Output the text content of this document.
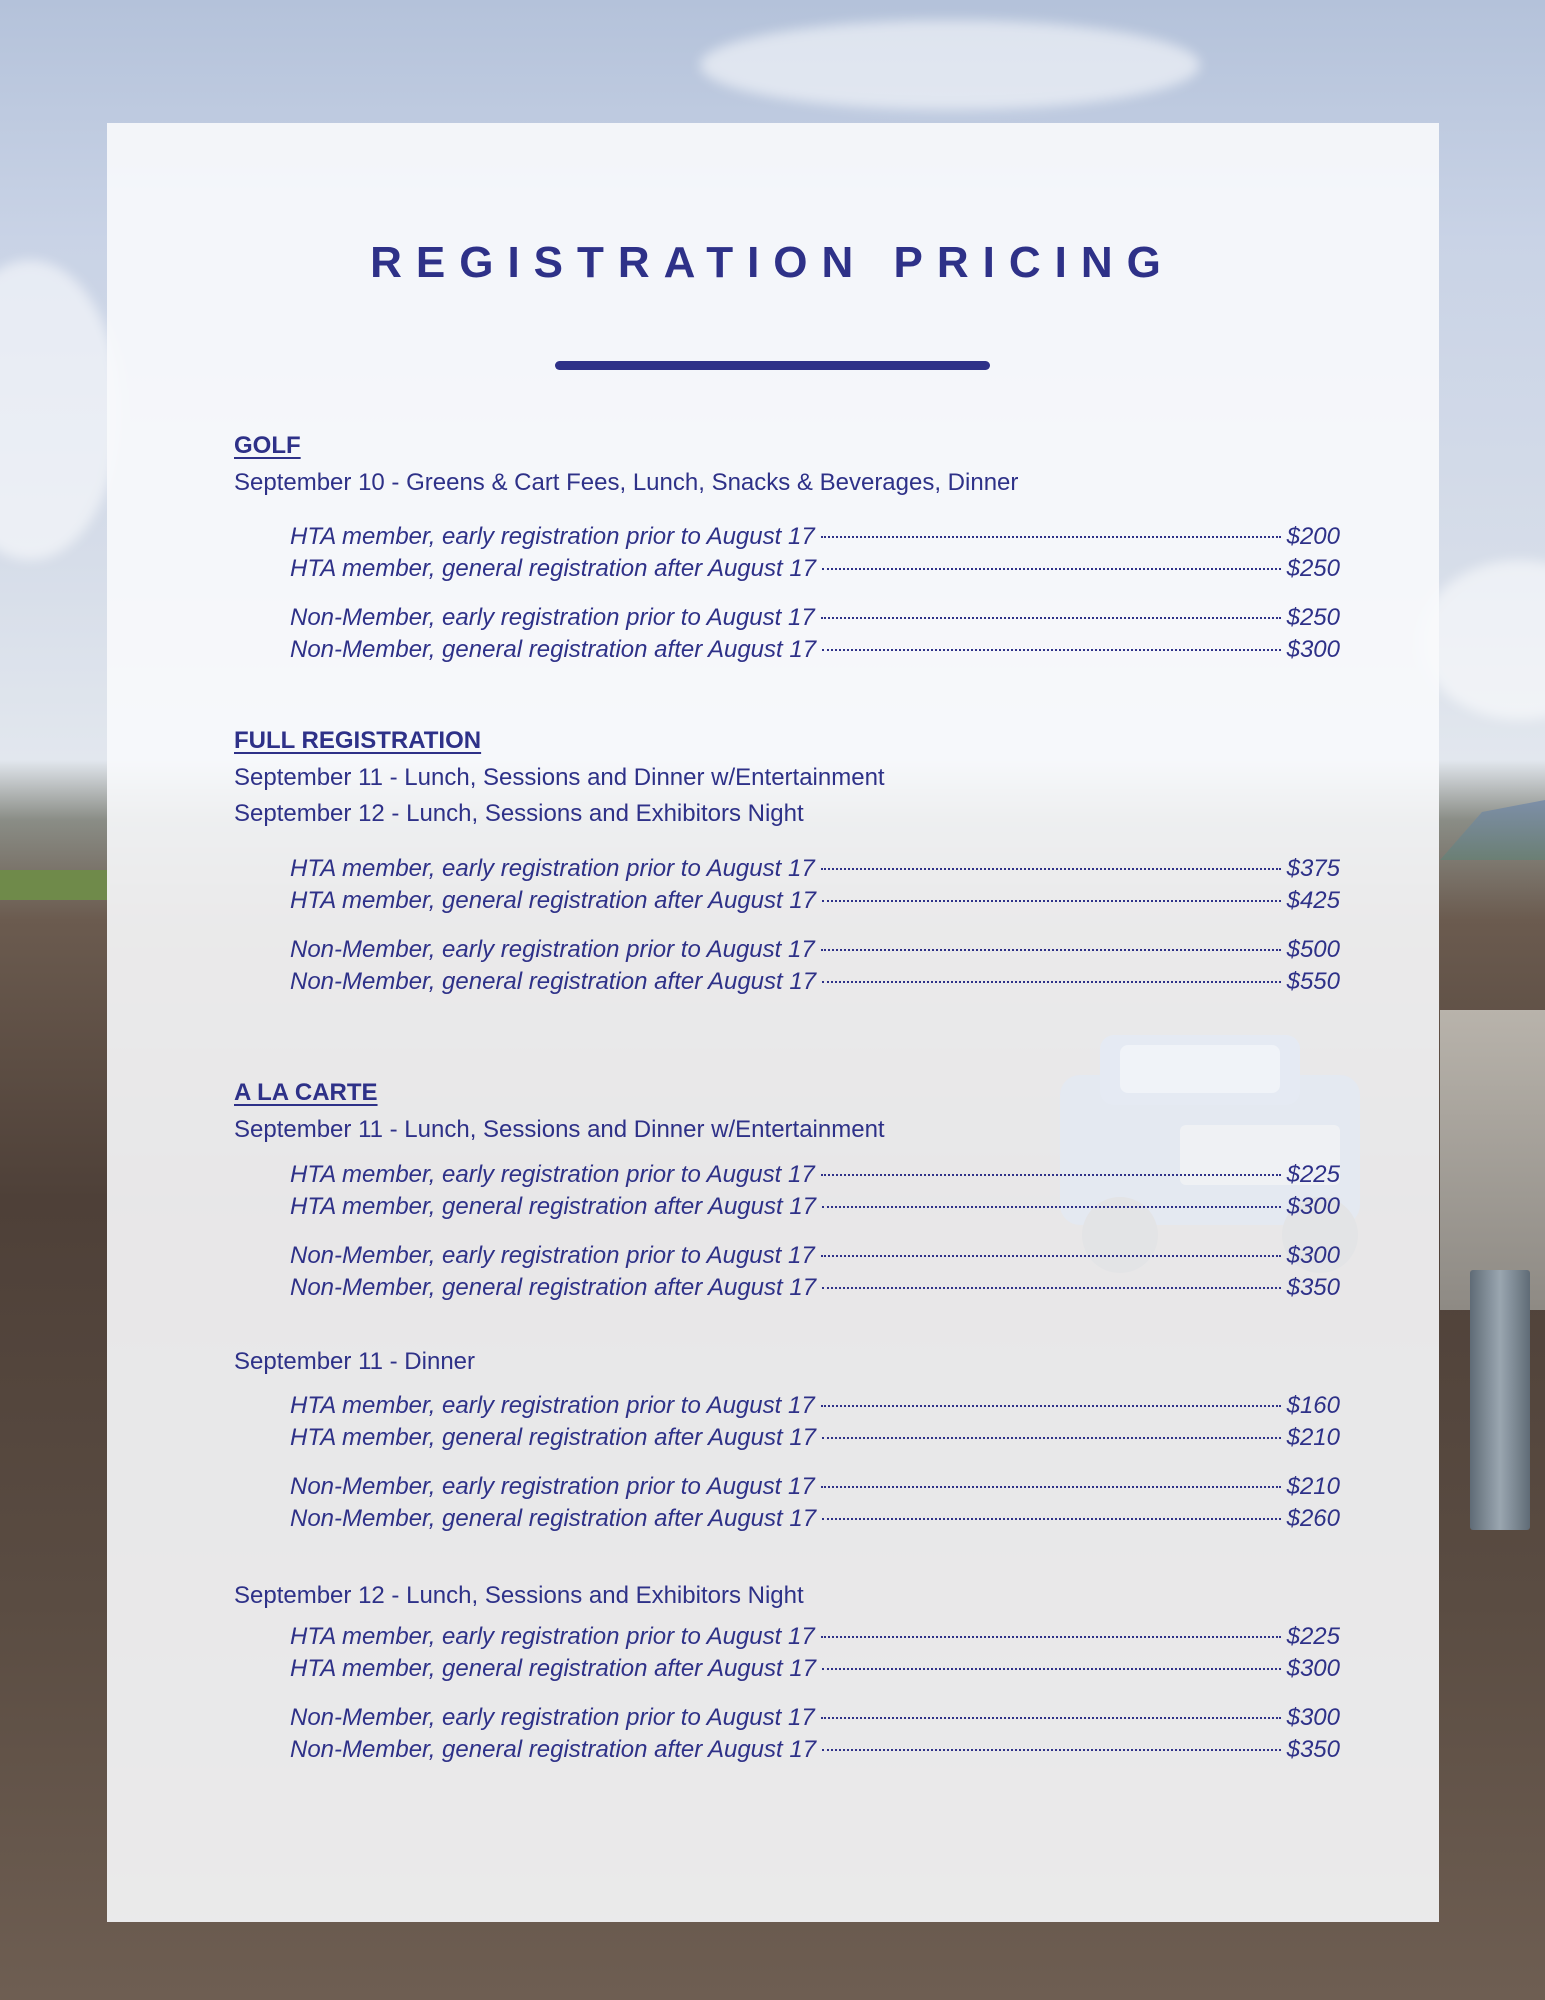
REGISTRATION PRICING
GOLF

September 10 - Greens & Cart Fees, Lunch, Snacks & Beverages, Dinner

HTA member, early registration prior to August 17	$200
HTA member, general registration after August 17	$250
Non-Member, early registration prior to August 17	$250
Non-Member, general registration after August 17	$300
FULL REGISTRATION

September 11 - Lunch, Sessions and Dinner w/Entertainment

September 12 - Lunch, Sessions and Exhibitors Night

HTA member, early registration prior to August 17	$375
HTA member, general registration after August 17	$425
Non-Member, early registration prior to August 17	$500
Non-Member, general registration after August 17	$550
A LA CARTE

September 11 - Lunch, Sessions and Dinner w/Entertainment

HTA member, early registration prior to August 17	$225
HTA member, general registration after August 17	$300
Non-Member, early registration prior to August 17	$300
Non-Member, general registration after August 17	$350

September 11 - Dinner

HTA member, early registration prior to August 17	$160
HTA member, general registration after August 17	$210
Non-Member, early registration prior to August 17	$210
Non-Member, general registration after August 17	$260

September 12 - Lunch, Sessions and Exhibitors Night

HTA member, early registration prior to August 17	$225
HTA member, general registration after August 17	$300
Non-Member, early registration prior to August 17	$300
Non-Member, general registration after August 17	$350
